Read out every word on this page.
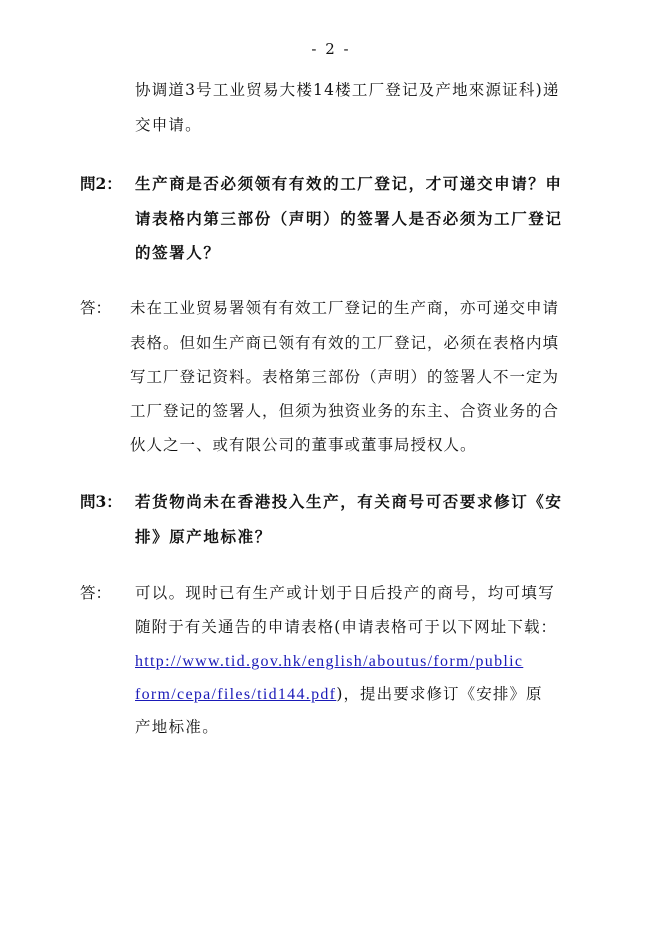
- 2 -
协调道3号工业贸易大楼14楼工厂登记及产地來源证科)递
交申请。
問2： 生产商是否必须领有有效的工厂登记，才可递交申请？申
请表格内第三部份（声明）的签署人是否必须为工厂登记
的签署人？
答： 未在工业贸易署领有有效工厂登记的生产商，亦可递交申请
表格。但如生产商已领有有效的工厂登记，必须在表格内填
写工厂登记资料。表格第三部份（声明）的签署人不一定为
工厂登记的签署人，但须为独资业务的东主、合资业务的合
伙人之一、或有限公司的董事或董事局授权人。
問3： 若货物尚未在香港投入生产，有关商号可否要求修订《安
排》原产地标准？
答： 可以。现时已有生产或计划于日后投产的商号，均可填写
随附于有关通告的申请表格(申请表格可于以下网址下载：
http://www.tid.gov.hk/english/aboutus/form/public
form/cepa/files/tid144.pdf)，提出要求修订《安排》原
产地标准。
